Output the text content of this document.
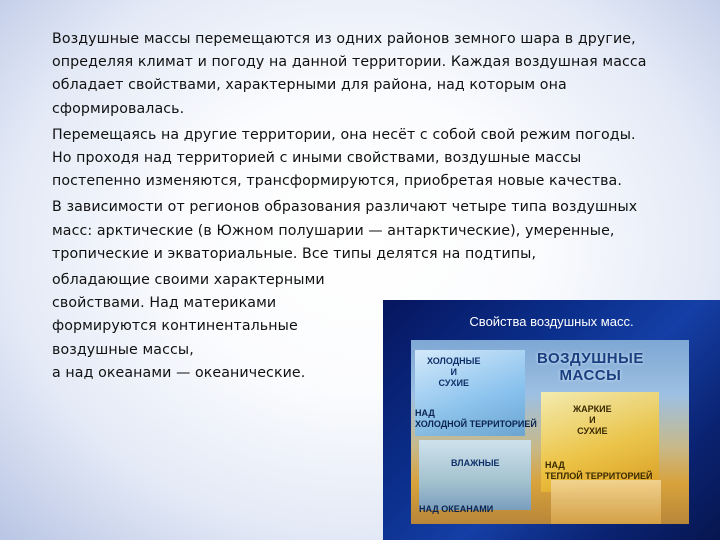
Воздушные массы перемещаются из одних районов земного шара в другие, определяя климат и погоду на данной территории. Каждая воздушная масса обладает свойствами, характерными для района, над которым она сформировалась.

Перемещаясь на другие территории, она несёт с собой свой режим погоды. Но проходя над территорией с иными свойствами, воздушные массы постепенно изменяются, трансформируются, приобретая новые качества.

В зависимости от регионов образования различают четыре типа воздушных масс: арктические (в Южном полушарии — антарктические), умеренные, тропические и экваториальные. Все типы делятся на подтипы,

обладающие своими характерными свойствами. Над материками формируются континентальные воздушные массы,
а над океанами — океанические.

Свойства воздушных масс.
ВОЗДУШНЫЕ
МАССЫ
ХОЛОДНЫЕ
И
СУХИЕ
НАД
ХОЛОДНОЙ ТЕРРИТОРИЕЙ
ЖАРКИЕ
И
СУХИЕ
НАД
ТЕПЛОЙ ТЕРРИТОРИЕЙ
ВЛАЖНЫЕ
НАД ОКЕАНАМИ
